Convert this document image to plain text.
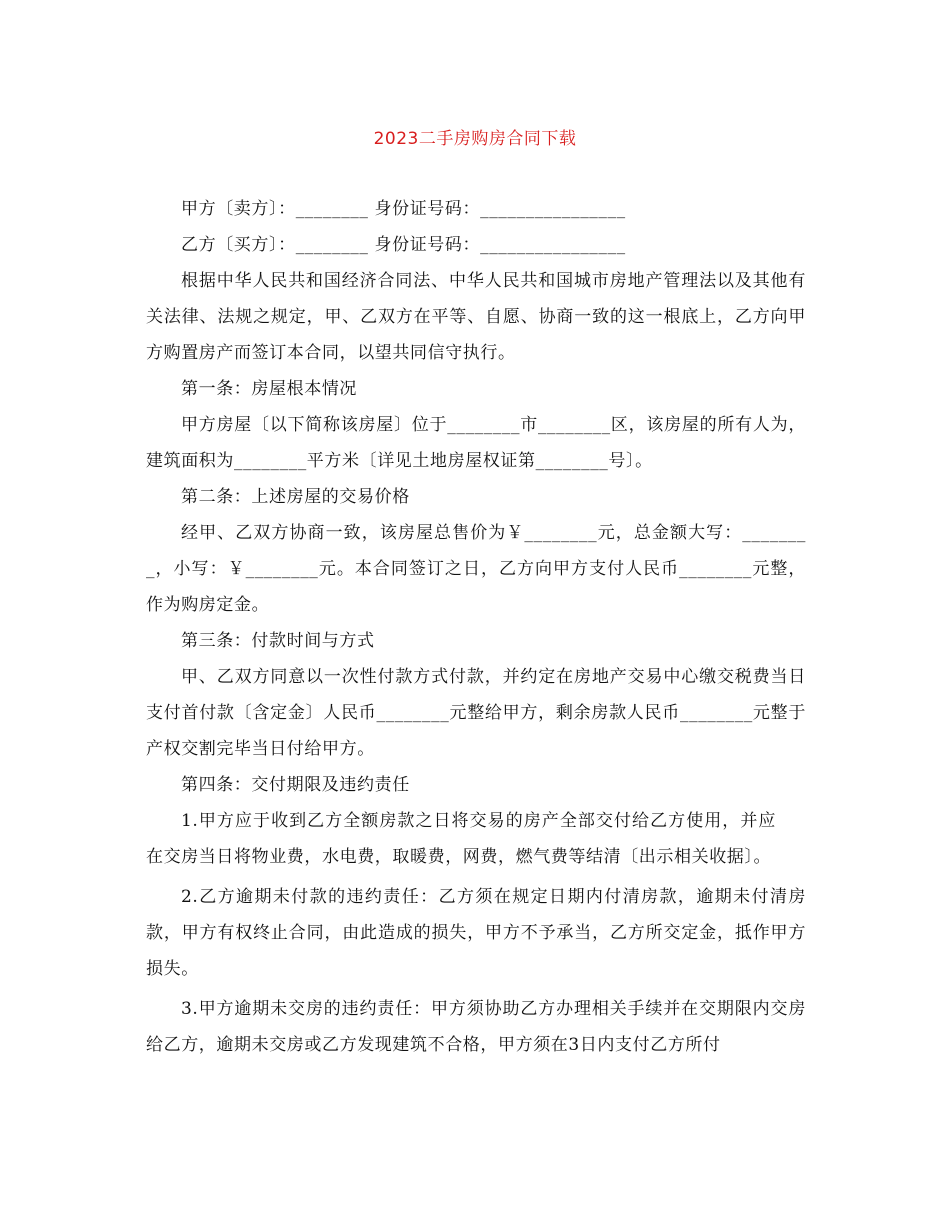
2023二手房购房合同下载

甲方〔卖方〕：________ 身份证号码：________________

乙方〔买方〕：________ 身份证号码：________________

根据中华人民共和国经济合同法、中华人民共和国城市房地产管理法以及其他有关法律、法规之规定，甲、乙双方在平等、自愿、协商一致的这一根底上，乙方向甲方购置房产而签订本合同，以望共同信守执行。

第一条：房屋根本情况

甲方房屋〔以下简称该房屋〕位于________市________区，该房屋的所有人为，建筑面积为________平方米〔详见土地房屋权证第________号〕。

第二条：上述房屋的交易价格

经甲、乙双方协商一致，该房屋总售价为￥________元，总金额大写：________，小写：￥________元。本合同签订之日，乙方向甲方支付人民币________元整，作为购房定金。

第三条：付款时间与方式

甲、乙双方同意以一次性付款方式付款，并约定在房地产交易中心缴交税费当日支付首付款〔含定金〕人民币________元整给甲方，剩余房款人民币________元整于产权交割完毕当日付给甲方。

第四条：交付期限及违约责任

1.甲方应于收到乙方全额房款之日将交易的房产全部交付给乙方使用，并应在交房当日将物业费，水电费，取暖费，网费，燃气费等结清〔出示相关收据〕。

2.乙方逾期未付款的违约责任：乙方须在规定日期内付清房款，逾期未付清房款，甲方有权终止合同，由此造成的损失，甲方不予承当，乙方所交定金，抵作甲方损失。

3.甲方逾期未交房的违约责任：甲方须协助乙方办理相关手续并在交期限内交房给乙方，逾期未交房或乙方发现建筑不合格，甲方须在3日内支付乙方所付
